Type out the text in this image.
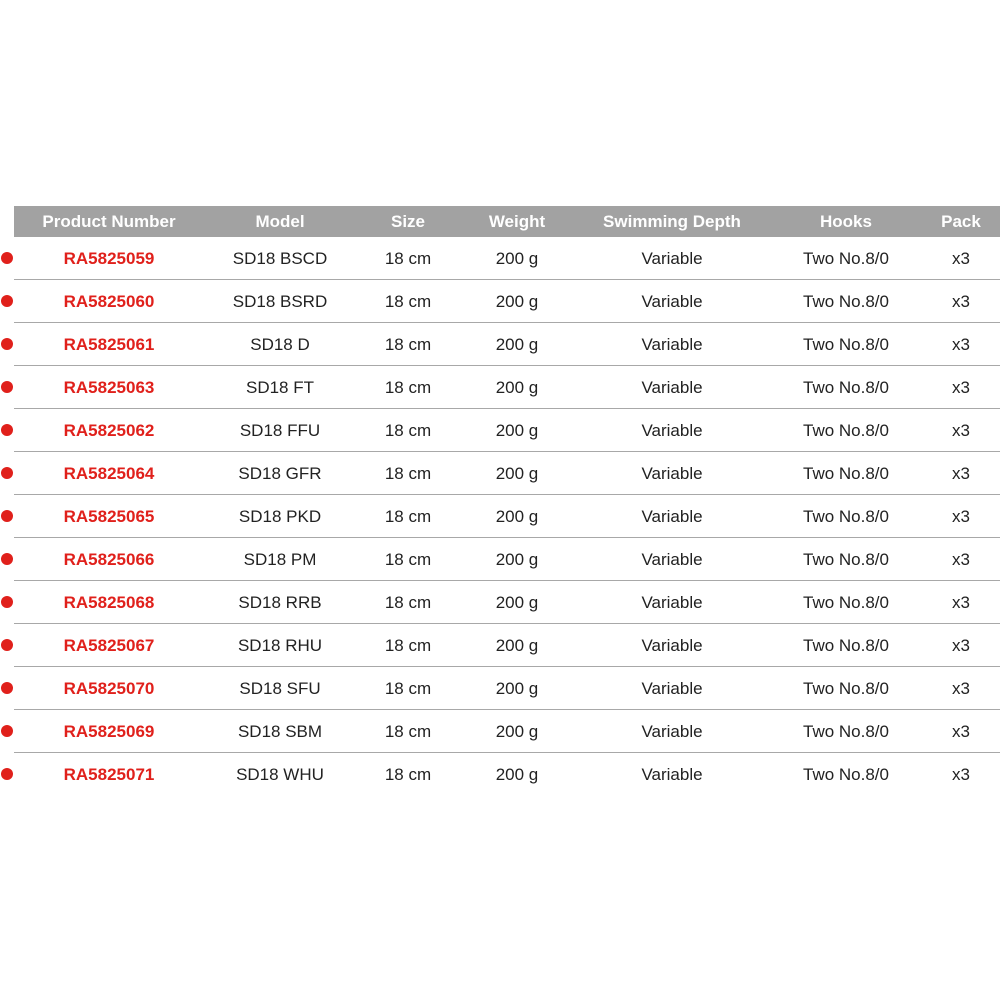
Product Number	Model	Size	Weight	Swimming Depth	Hooks	Pack
RA5825059	SD18 BSCD	18 cm	200 g	Variable	Two No.8/0	x3
RA5825060	SD18 BSRD	18 cm	200 g	Variable	Two No.8/0	x3
RA5825061	SD18 D	18 cm	200 g	Variable	Two No.8/0	x3
RA5825063	SD18 FT	18 cm	200 g	Variable	Two No.8/0	x3
RA5825062	SD18 FFU	18 cm	200 g	Variable	Two No.8/0	x3
RA5825064	SD18 GFR	18 cm	200 g	Variable	Two No.8/0	x3
RA5825065	SD18 PKD	18 cm	200 g	Variable	Two No.8/0	x3
RA5825066	SD18 PM	18 cm	200 g	Variable	Two No.8/0	x3
RA5825068	SD18 RRB	18 cm	200 g	Variable	Two No.8/0	x3
RA5825067	SD18 RHU	18 cm	200 g	Variable	Two No.8/0	x3
RA5825070	SD18 SFU	18 cm	200 g	Variable	Two No.8/0	x3
RA5825069	SD18 SBM	18 cm	200 g	Variable	Two No.8/0	x3
RA5825071	SD18 WHU	18 cm	200 g	Variable	Two No.8/0	x3
